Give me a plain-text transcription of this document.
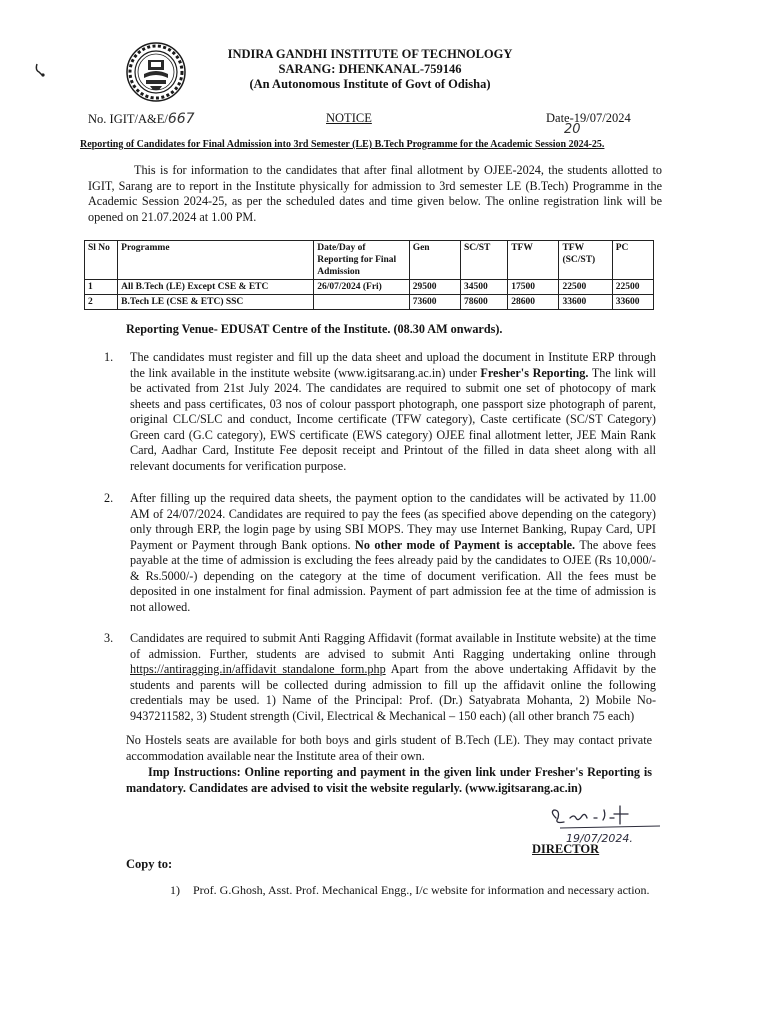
INDIRA GANDHI INSTITUTE OF TECHNOLOGY
SARANG: DHENKANAL-759146
(An Autonomous Institute of Govt of Odisha)
No. IGIT/A&E/667	NOTICE	Date-19/07/2024
20
Reporting of Candidates for Final Admission into 3rd Semester (LE) B.Tech Programme for the Academic Session 2024-25.
This is for information to the candidates that after final allotment by OJEE-2024, the students allotted to IGIT, Sarang are to report in the Institute physically for admission to 3rd semester LE (B.Tech) Programme in the Academic Session 2024-25, as per the scheduled dates and time given below. The online registration link will be opened on 21.07.2024 at 1.00 PM.
Sl No	Programme	Date/Day of Reporting for Final Admission	Gen	SC/ST	TFW	TFW (SC/ST)	PC
1	All B.Tech (LE) Except CSE & ETC	26/07/2024 (Fri)	29500	34500	17500	22500	22500
2	B.Tech LE (CSE & ETC) SSC		73600	78600	28600	33600	33600
Reporting Venue- EDUSAT Centre of the Institute. (08.30 AM onwards).
1. The candidates must register and fill up the data sheet and upload the document in Institute ERP through the link available in the institute website (www.igitsarang.ac.in) under Fresher's Reporting. The link will be activated from 21st July 2024. The candidates are required to submit one set of photocopy of mark sheets and pass certificates, 03 nos of colour passport photograph, one passport size photograph of parent, original CLC/SLC and conduct, Income certificate (TFW category), Caste certificate (SC/ST Category) Green card (G.C category), EWS certificate (EWS category) OJEE final allotment letter, JEE Main Rank Card, Aadhar Card, Institute Fee deposit receipt and Printout of the filled in data sheet along with all relevant documents for verification purpose.
2. After filling up the required data sheets, the payment option to the candidates will be activated by 11.00 AM of 24/07/2024. Candidates are required to pay the fees (as specified above depending on the category) only through ERP, the login page by using SBI MOPS. They may use Internet Banking, Rupay Card, UPI Payment or Payment through Bank options. No other mode of Payment is acceptable. The above fees payable at the time of admission is excluding the fees already paid by the candidates to OJEE (Rs 10,000/- & Rs.5000/-) depending on the category at the time of document verification. All the fees must be deposited in one instalment for final admission. Payment of part admission fee at the time of admission is not allowed.
3. Candidates are required to submit Anti Ragging Affidavit (format available in Institute website) at the time of admission. Further, students are advised to submit Anti Ragging undertaking online through https://antiragging.in/affidavit_standalone_form.php Apart from the above undertaking Affidavit by the students and parents will be collected during admission to fill up the affidavit online the following credentials may be used. 1) Name of the Principal: Prof. (Dr.) Satyabrata Mohanta, 2) Mobile No-9437211582, 3) Student strength (Civil, Electrical & Mechanical – 150 each) (all other branch 75 each)
No Hostels seats are available for both boys and girls student of B.Tech (LE). They may contact private accommodation available near the Institute area of their own.
Imp Instructions: Online reporting and payment in the given link under Fresher's Reporting is mandatory. Candidates are advised to visit the website regularly. (www.igitsarang.ac.in)
19/07/2024.
DIRECTOR
Copy to:
1) Prof. G.Ghosh, Asst. Prof. Mechanical Engg., I/c website for information and necessary action.
